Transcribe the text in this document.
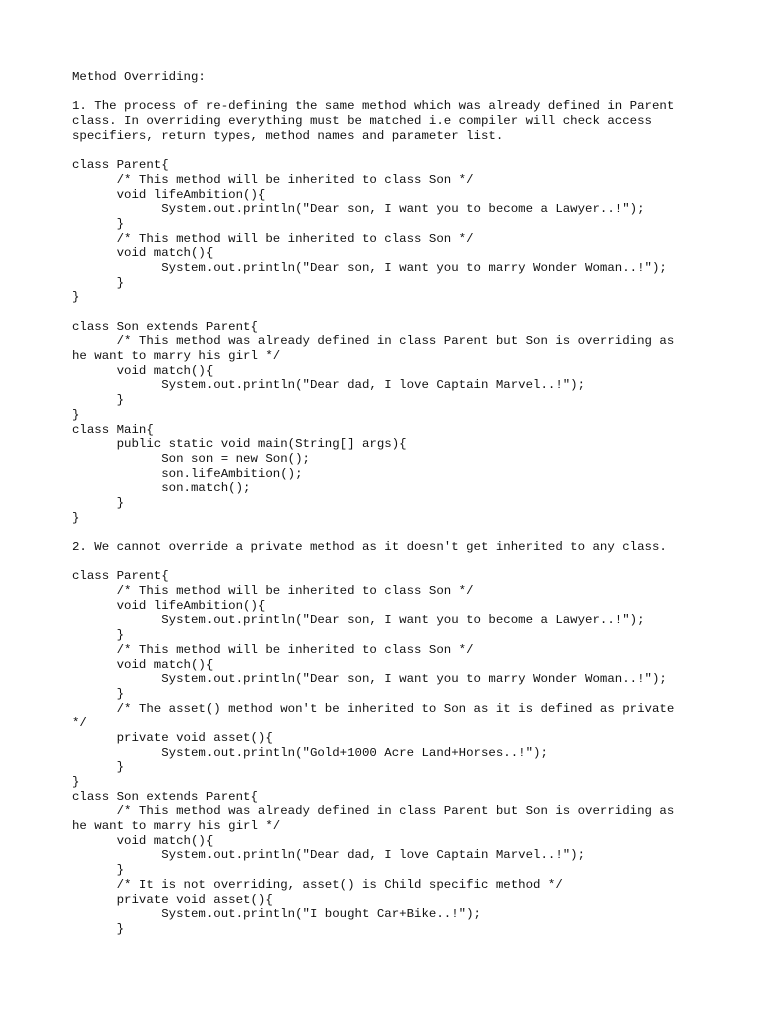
Method Overriding:
1. The process of re-defining the same method which was already defined in Parent
class. In overriding everything must be matched i.e compiler will check access
specifiers, return types, method names and parameter list.
class Parent{
/* This method will be inherited to class Son */
void lifeAmbition(){
System.out.println("Dear son, I want you to become a Lawyer..!");
}
/* This method will be inherited to class Son */
void match(){
System.out.println("Dear son, I want you to marry Wonder Woman..!");
}
}
class Son extends Parent{
/* This method was already defined in class Parent but Son is overriding as
he want to marry his girl */
void match(){
System.out.println("Dear dad, I love Captain Marvel..!");
}
}
class Main{
public static void main(String[] args){
Son son = new Son();
son.lifeAmbition();
son.match();
}
}
2. We cannot override a private method as it doesn't get inherited to any class.
class Parent{
/* This method will be inherited to class Son */
void lifeAmbition(){
System.out.println("Dear son, I want you to become a Lawyer..!");
}
/* This method will be inherited to class Son */
void match(){
System.out.println("Dear son, I want you to marry Wonder Woman..!");
}
/* The asset() method won't be inherited to Son as it is defined as private
*/
private void asset(){
System.out.println("Gold+1000 Acre Land+Horses..!");
}
}
class Son extends Parent{
/* This method was already defined in class Parent but Son is overriding as
he want to marry his girl */
void match(){
System.out.println("Dear dad, I love Captain Marvel..!");
}
/* It is not overriding, asset() is Child specific method */
private void asset(){
System.out.println("I bought Car+Bike..!");
}
